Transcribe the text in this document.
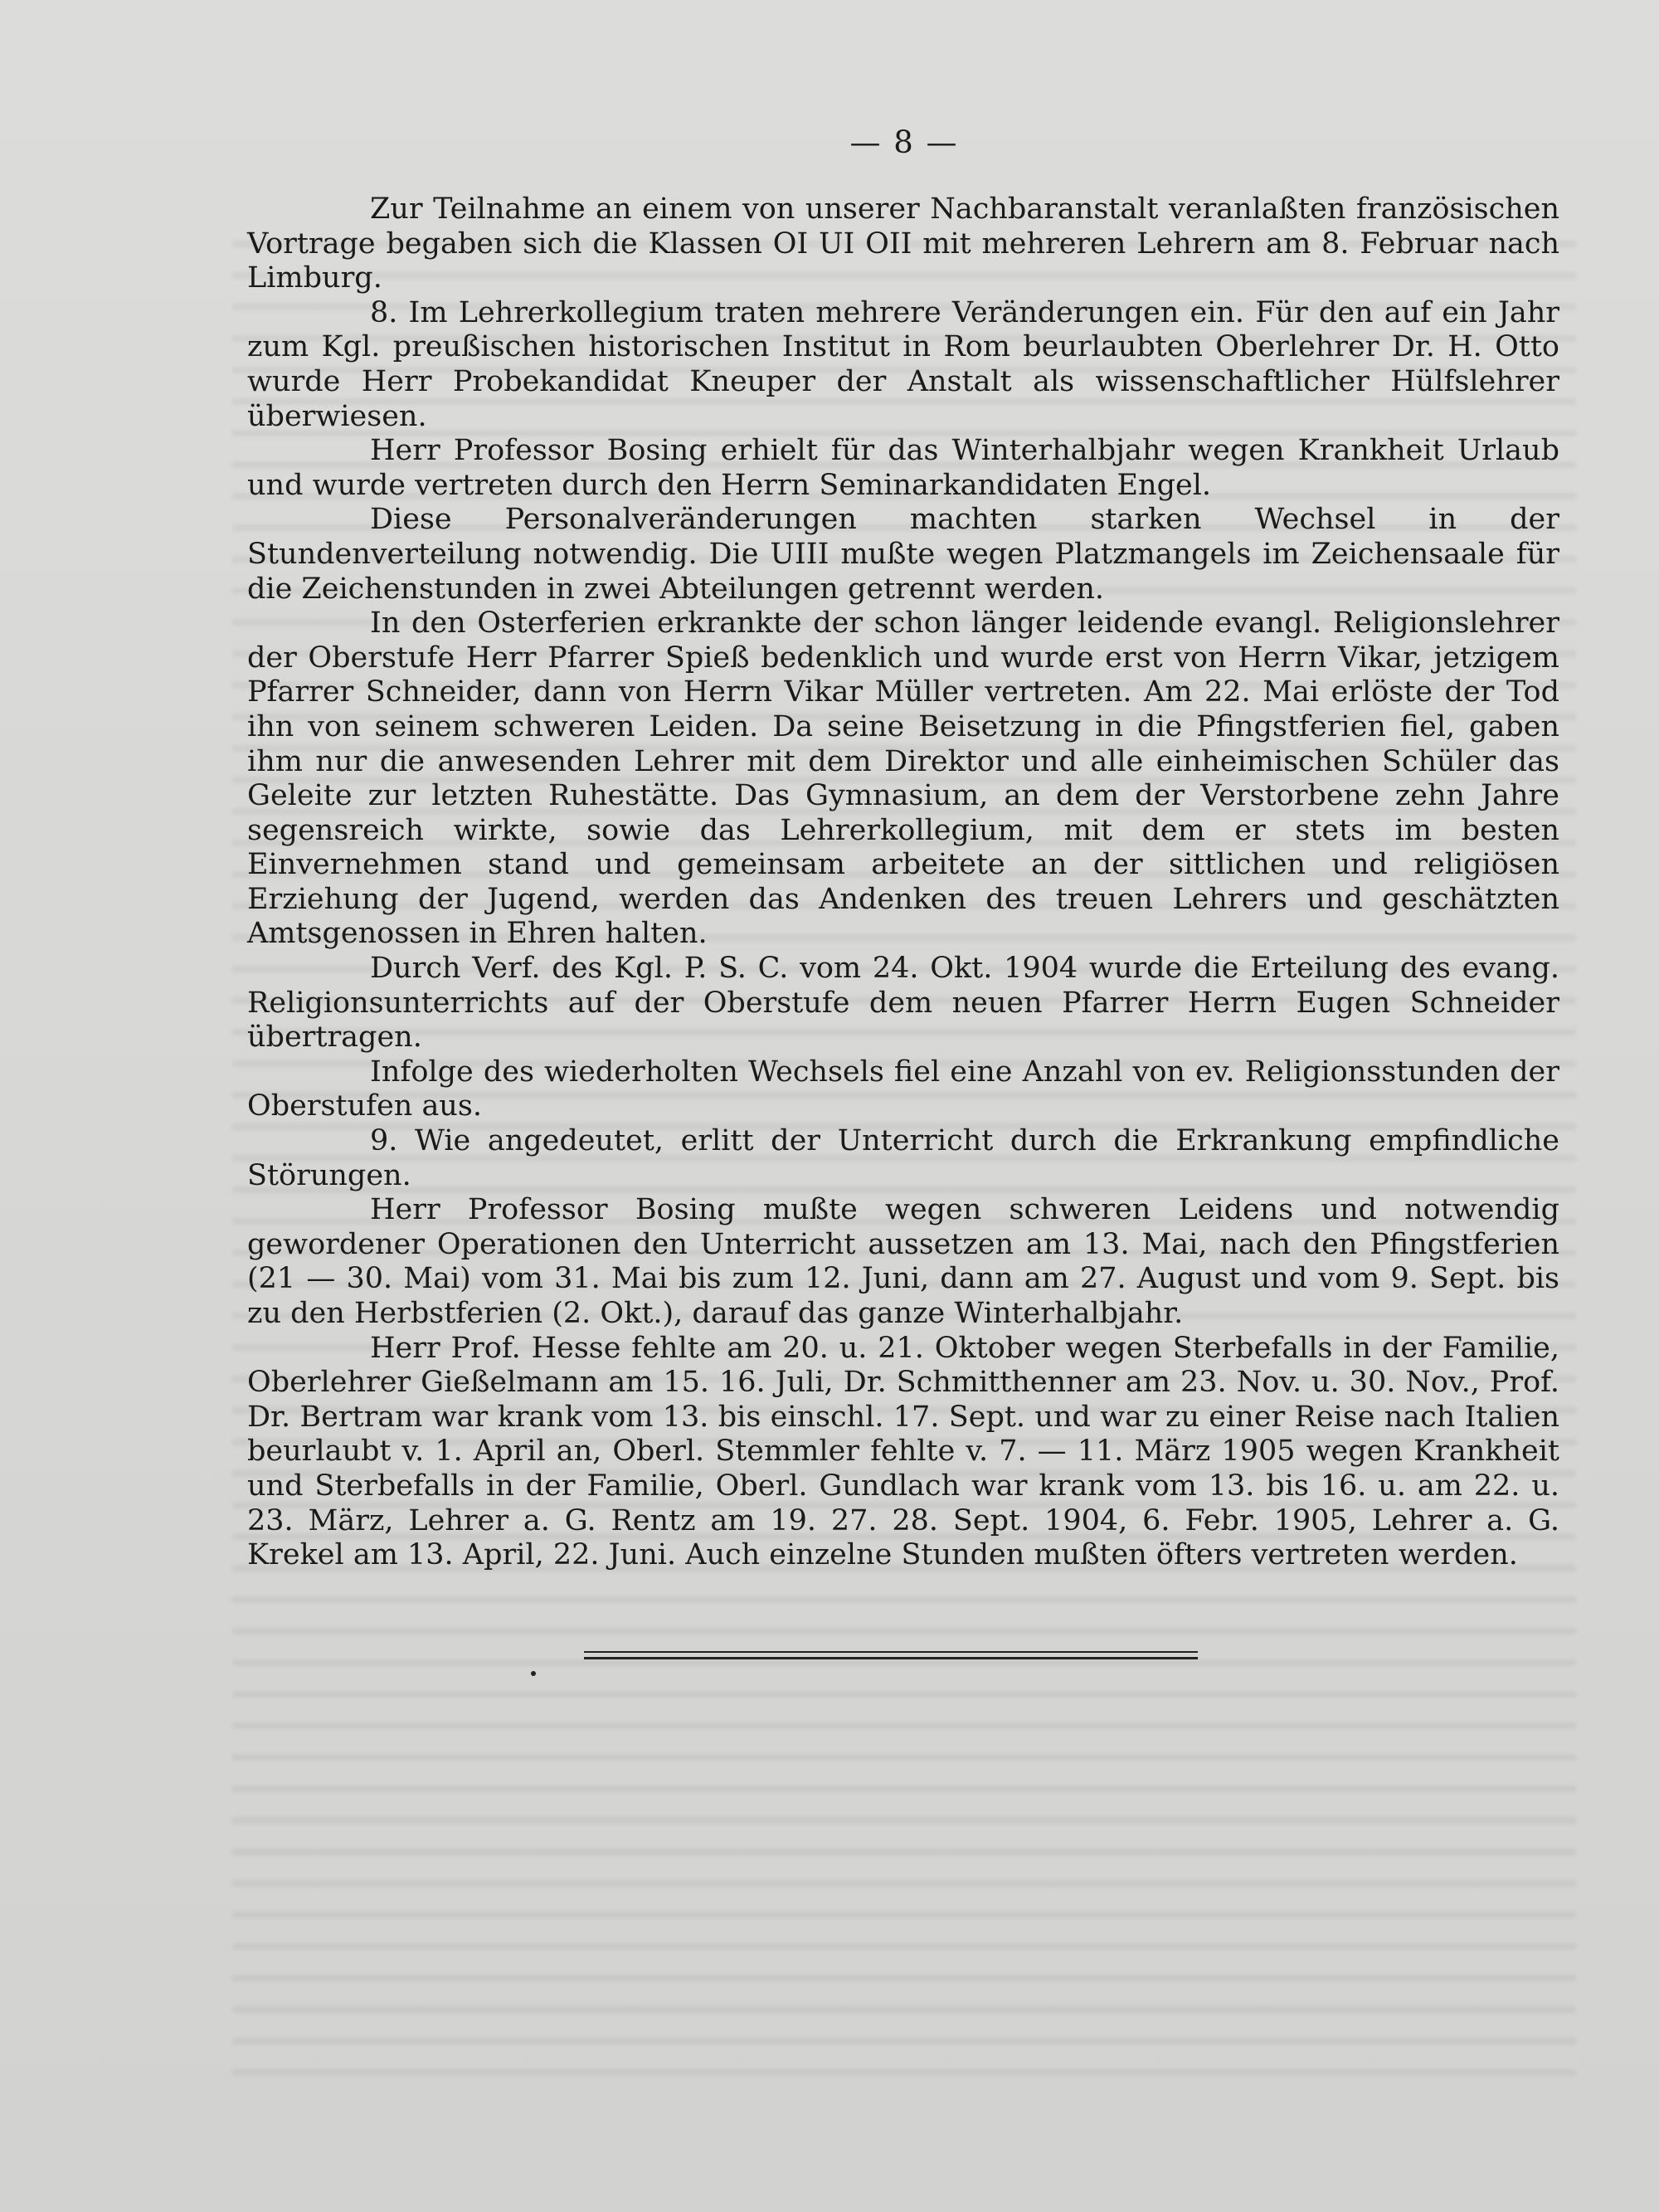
— 8 —

Zur Teilnahme an einem von unserer Nachbaranstalt veranlaßten französischen Vortrage begaben sich die Klassen OI UI OII mit mehreren Lehrern am 8. Februar nach Limburg.

8. Im Lehrerkollegium traten mehrere Veränderungen ein. Für den auf ein Jahr zum Kgl. preußischen historischen Institut in Rom beurlaubten Oberlehrer Dr. H. Otto wurde Herr Probekandidat Kneuper der Anstalt als wissenschaftlicher Hülfslehrer überwiesen.

Herr Professor Bosing erhielt für das Winterhalbjahr wegen Krankheit Urlaub und wurde vertreten durch den Herrn Seminarkandidaten Engel.

Diese Personalveränderungen machten starken Wechsel in der Stundenverteilung notwendig. Die UIII mußte wegen Platzmangels im Zeichensaale für die Zeichenstunden in zwei Abteilungen getrennt werden.

In den Osterferien erkrankte der schon länger leidende evangl. Religionslehrer der Oberstufe Herr Pfarrer Spieß bedenklich und wurde erst von Herrn Vikar, jetzigem Pfarrer Schneider, dann von Herrn Vikar Müller vertreten. Am 22. Mai erlöste der Tod ihn von seinem schweren Leiden. Da seine Beisetzung in die Pfingstferien fiel, gaben ihm nur die anwesenden Lehrer mit dem Direktor und alle einheimischen Schüler das Geleite zur letzten Ruhestätte. Das Gymnasium, an dem der Verstorbene zehn Jahre segensreich wirkte, sowie das Lehrerkollegium, mit dem er stets im besten Einvernehmen stand und gemeinsam arbeitete an der sittlichen und religiösen Erziehung der Jugend, werden das Andenken des treuen Lehrers und geschätzten Amtsgenossen in Ehren halten.

Durch Verf. des Kgl. P. S. C. vom 24. Okt. 1904 wurde die Erteilung des evang. Religionsunterrichts auf der Oberstufe dem neuen Pfarrer Herrn Eugen Schneider übertragen.

Infolge des wiederholten Wechsels fiel eine Anzahl von ev. Religionsstunden der Oberstufen aus.

9. Wie angedeutet, erlitt der Unterricht durch die Erkrankung empfindliche Störungen.

Herr Professor Bosing mußte wegen schweren Leidens und notwendig gewordener Operationen den Unterricht aussetzen am 13. Mai, nach den Pfingstferien (21 — 30. Mai) vom 31. Mai bis zum 12. Juni, dann am 27. August und vom 9. Sept. bis zu den Herbstferien (2. Okt.), darauf das ganze Winterhalbjahr.

Herr Prof. Hesse fehlte am 20. u. 21. Oktober wegen Sterbefalls in der Familie, Oberlehrer Gießelmann am 15. 16. Juli, Dr. Schmitthenner am 23. Nov. u. 30. Nov., Prof. Dr. Bertram war krank vom 13. bis einschl. 17. Sept. und war zu einer Reise nach Italien beurlaubt v. 1. April an, Oberl. Stemmler fehlte v. 7. — 11. März 1905 wegen Krankheit und Sterbefalls in der Familie, Oberl. Gundlach war krank vom 13. bis 16. u. am 22. u. 23. März, Lehrer a. G. Rentz am 19. 27. 28. Sept. 1904, 6. Febr. 1905, Lehrer a. G. Krekel am 13. April, 22. Juni. Auch einzelne Stunden mußten öfters vertreten werden.
